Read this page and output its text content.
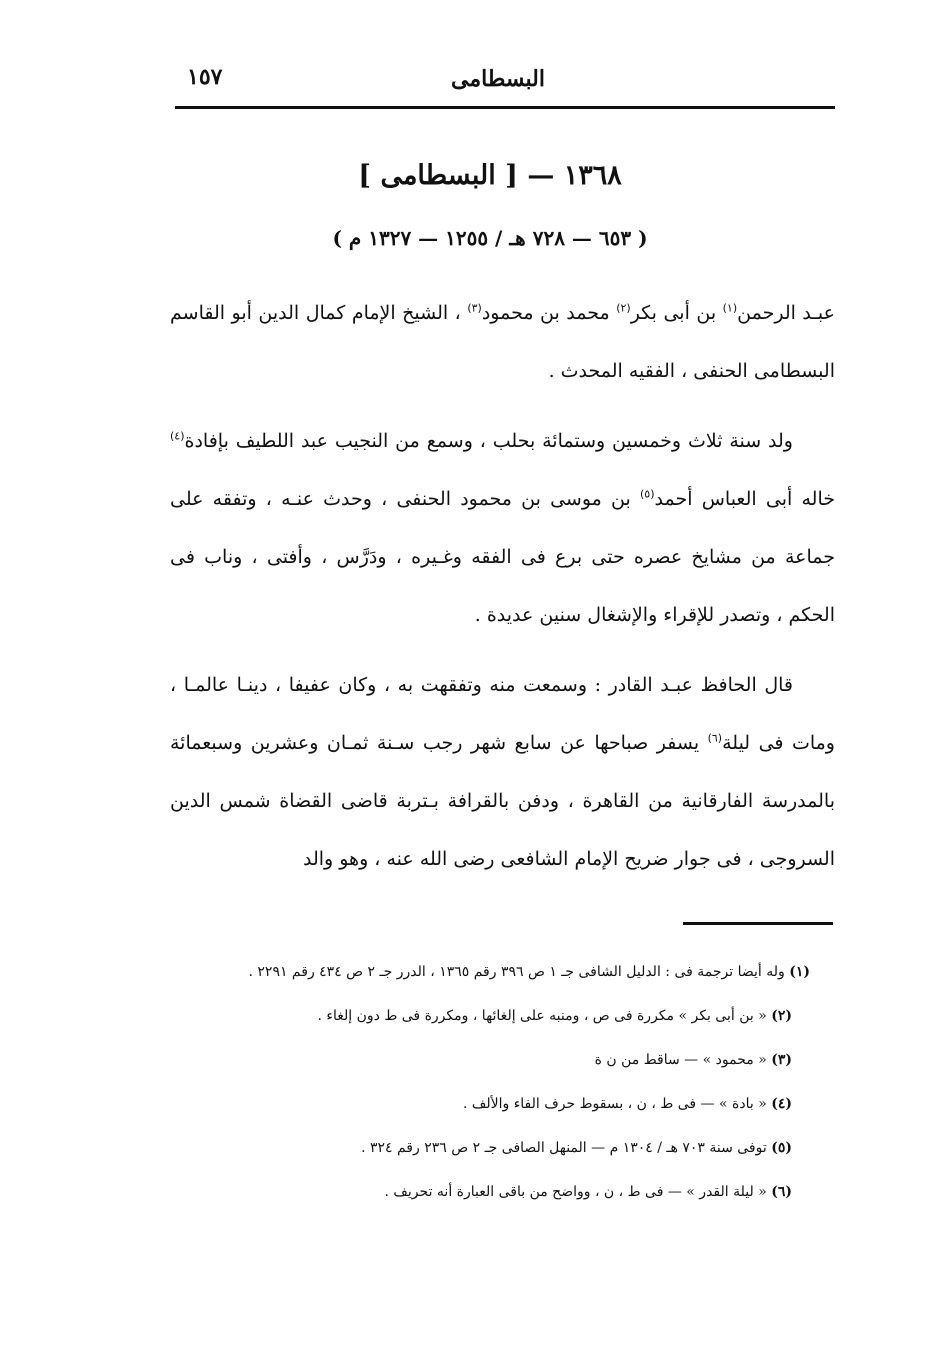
البسطامى
١٥٧
١٣٦٨ — [ البسطامى ]
( ٦٥٣ — ٧٢٨ هـ / ١٢٥٥ — ١٣٢٧ م )

عبـد الرحمن$^{(١)}$ بن أبى بكر$^{(٢)}$ محمد بن محمود$^{(٣)}$ ، الشيخ الإمام كمال الدين أبو القاسم البسطامى الحنفى ، الفقيه المحدث .

ولد سنة ثلاث وخمسين وستمائة بحلب ، وسمع من النجيب عبد اللطيف بإفادة$^{(٤)}$ خاله أبى العباس أحمد$^{(٥)}$ بن موسى بن محمود الحنفى ، وحدث عنـه ، وتفقه على جماعة من مشايخ عصره حتى برع فى الفقه وغـيره ، ودَرَّس ، وأفتى ، وناب فى الحكم ، وتصدر للإقراء والإشغال سنين عديدة .

قال الحافظ عبـد القادر : وسمعت منه وتفقهت به ، وكان عفيفا ، دينـا عالمـا ، ومات فى ليلة$^{(٦)}$ يسفر صباحها عن سابع شهر رجب سـنة ثمـان وعشرين وسبعمائة بالمدرسة الفارقانية من القاهرة ، ودفن بالقرافة بـتربة قاضى القضاة شمس الدين السروجى ، فى جوار ضريح الإمام الشافعى رضى الله عنه ، وهو والد

(١) وله أيضا ترجمة فى : الدليل الشافى جـ ١ ص ٣٩٦ رقم ١٣٦٥ ، الدرر جـ ٢ ص ٤٣٤ رقم ٢٢٩١ .

(٢) « بن أبى بكر » مكررة فى ص ، ومنبه على إلغائها ، ومكررة فى ط دون إلغاء .

(٣) « محمود » — ساقط من ن ة

(٤) « بادة » — فى ط ، ن ، بسقوط حرف الفاء والألف .

(٥) توفى سنة ٧٠٣ هـ / ١٣٠٤ م — المنهل الصافى جـ ٢ ص ٢٣٦ رقم ٣٢٤ .

(٦) « ليلة القدر » — فى ط ، ن ، وواضح من باقى العبارة أنه تحريف .
